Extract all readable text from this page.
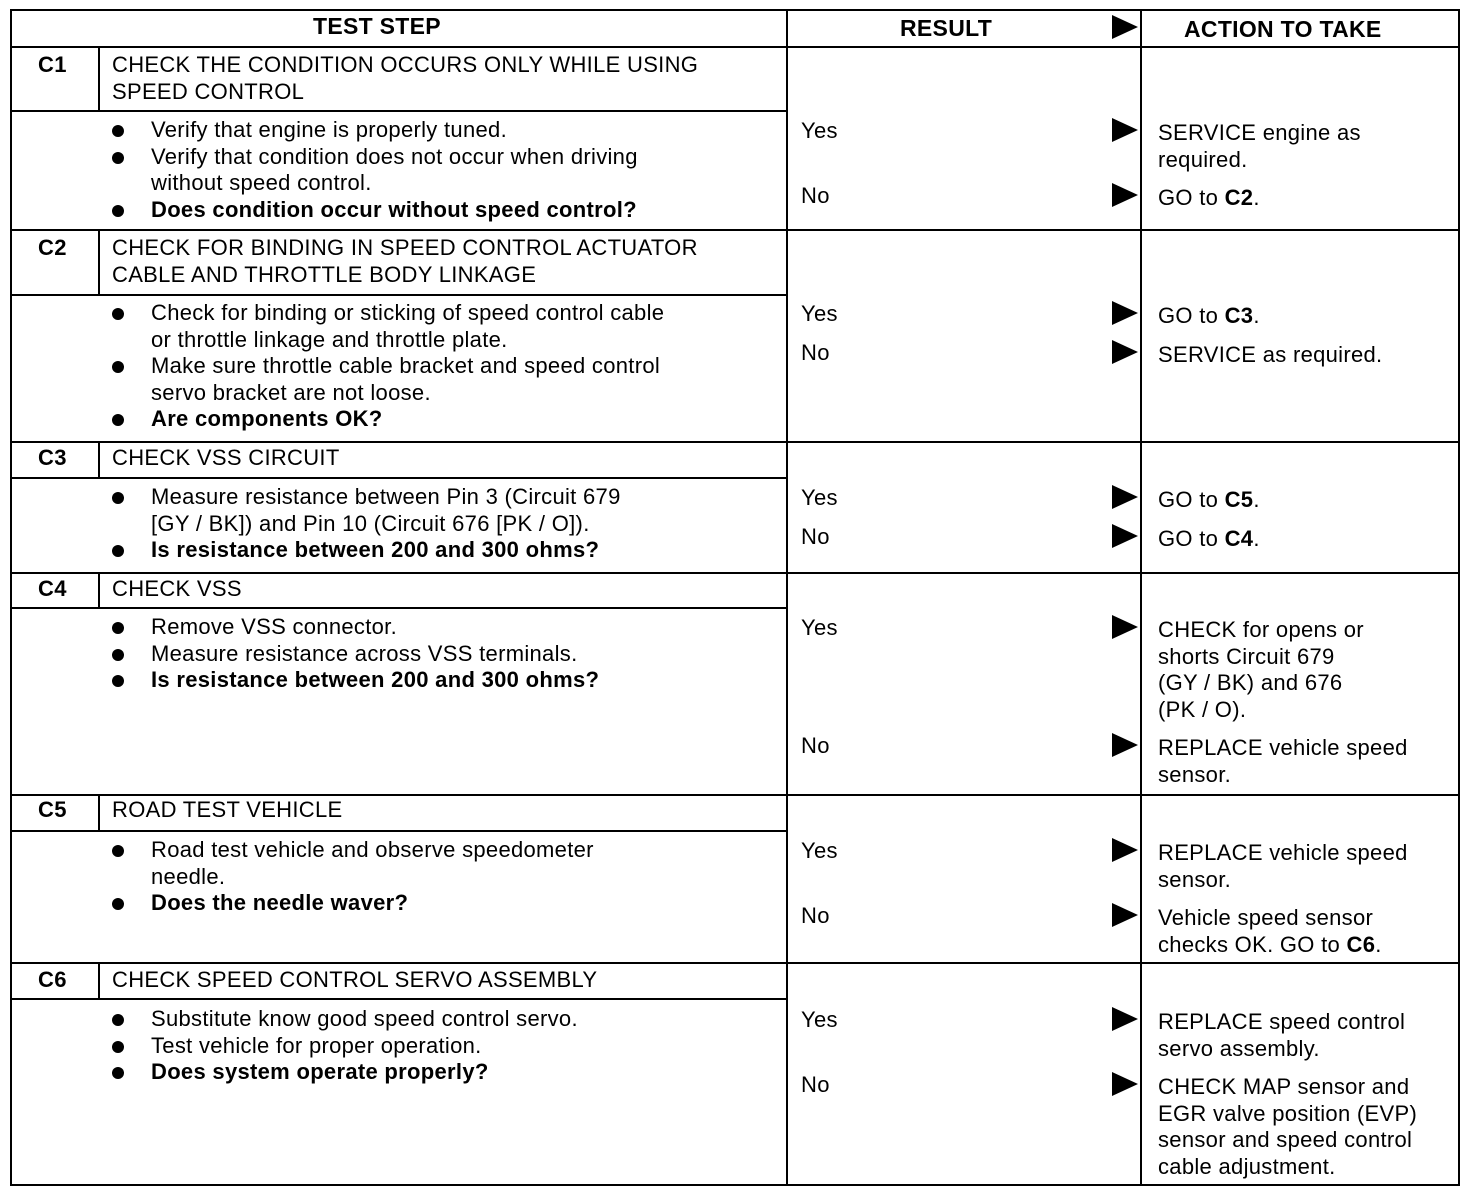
TEST STEP	RESULT	ACTION TO TAKE
C1 CHECK THE CONDITION OCCURS ONLY WHILE USING
SPEED CONTROL
Verify that engine is properly tuned.
Verify that condition does not occur when driving
without speed control.
Does condition occur without speed control?
Yes	SERVICE engine as
required.
No	GO to C2.
C2 CHECK FOR BINDING IN SPEED CONTROL ACTUATOR
CABLE AND THROTTLE BODY LINKAGE
Check for binding or sticking of speed control cable
or throttle linkage and throttle plate.
Make sure throttle cable bracket and speed control
servo bracket are not loose.
Are components OK?
Yes	GO to C3.
No	SERVICE as required.
C3 CHECK VSS CIRCUIT
Measure resistance between Pin 3 (Circuit 679
[GY / BK]) and Pin 10 (Circuit 676 [PK / O]).
Is resistance between 200 and 300 ohms?
Yes	GO to C5.
No	GO to C4.
C4 CHECK VSS
Remove VSS connector.
Measure resistance across VSS terminals.
Is resistance between 200 and 300 ohms?
Yes	CHECK for opens or
shorts Circuit 679
(GY / BK) and 676
(PK / O).
No	REPLACE vehicle speed
sensor.
C5 ROAD TEST VEHICLE
Road test vehicle and observe speedometer
needle.
Does the needle waver?
Yes	REPLACE vehicle speed
sensor.
No	Vehicle speed sensor
checks OK. GO to C6.
C6 CHECK SPEED CONTROL SERVO ASSEMBLY
Substitute know good speed control servo.
Test vehicle for proper operation.
Does system operate properly?
Yes	REPLACE speed control
servo assembly.
No	CHECK MAP sensor and
EGR valve position (EVP)
sensor and speed control
cable adjustment.
